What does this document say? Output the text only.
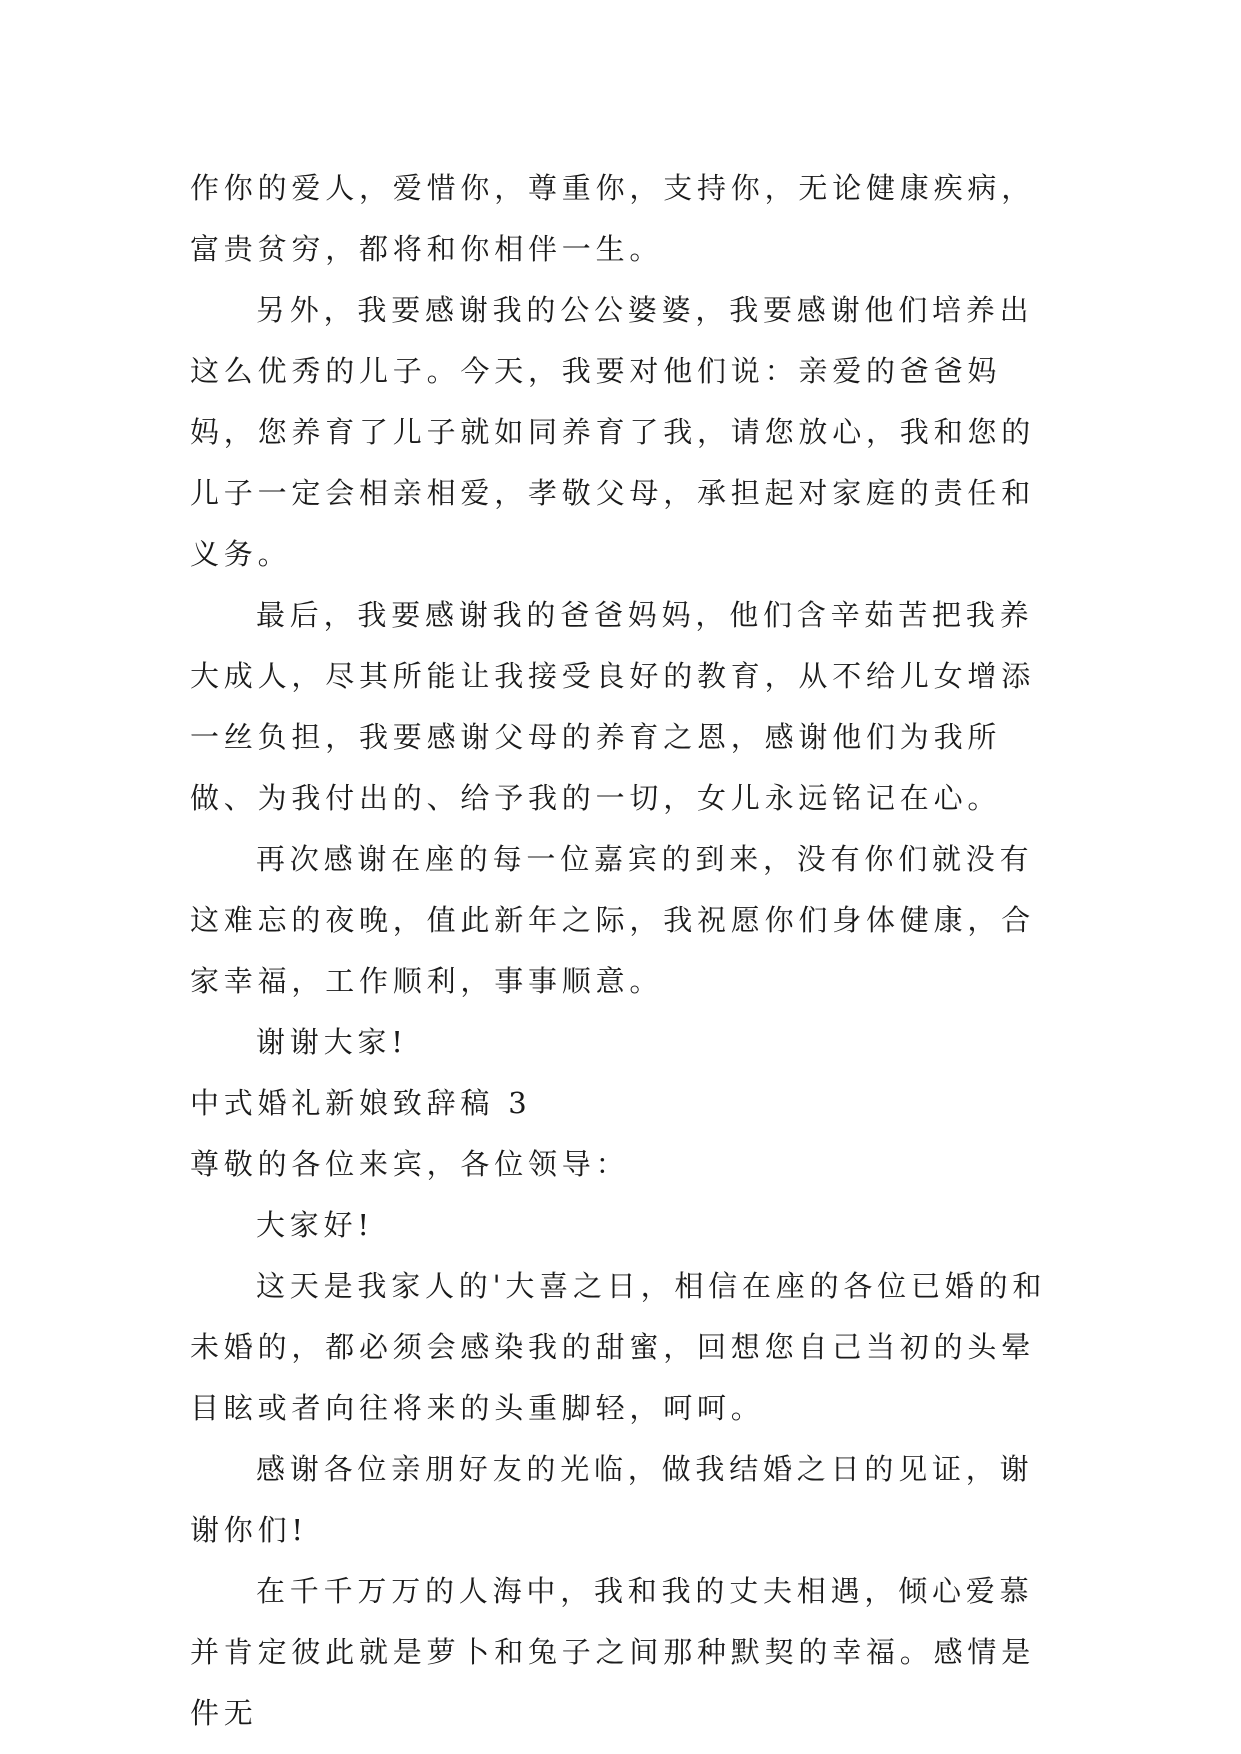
作你的爱人，爱惜你，尊重你，支持你，无论健康疾病，富贵贫穷，都将和你相伴一生。

另外，我要感谢我的公公婆婆，我要感谢他们培养出这么优秀的儿子。今天，我要对他们说：亲爱的爸爸妈妈，您养育了儿子就如同养育了我，请您放心，我和您的儿子一定会相亲相爱，孝敬父母，承担起对家庭的责任和义务。

最后，我要感谢我的爸爸妈妈，他们含辛茹苦把我养大成人，尽其所能让我接受良好的教育，从不给儿女增添一丝负担，我要感谢父母的养育之恩，感谢他们为我所做、为我付出的、给予我的一切，女儿永远铭记在心。

再次感谢在座的每一位嘉宾的到来，没有你们就没有这难忘的夜晚，值此新年之际，我祝愿你们身体健康，合家幸福，工作顺利，事事顺意。

谢谢大家!

中式婚礼新娘致辞稿 3

尊敬的各位来宾，各位领导：

大家好!

这天是我家人的'大喜之日，相信在座的各位已婚的和未婚的，都必须会感染我的甜蜜，回想您自己当初的头晕目眩或者向往将来的头重脚轻，呵呵。

感谢各位亲朋好友的光临，做我结婚之日的见证，谢谢你们!

在千千万万的人海中，我和我的丈夫相遇，倾心爱慕并肯定彼此就是萝卜和兔子之间那种默契的幸福。感情是件无
